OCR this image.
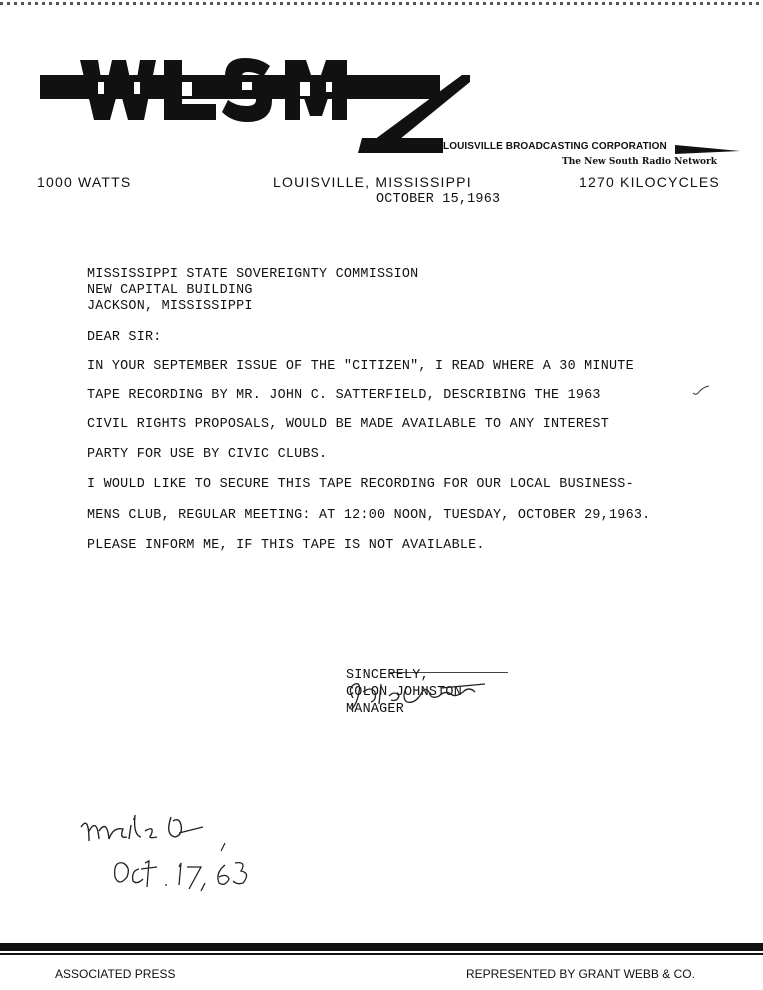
LOUISVILLE BROADCASTING CORPORATION
The New South Radio Network
1000 WATTS	LOUISVILLE, MISSISSIPPI	1270 KILOCYCLES
OCTOBER 15,1963
MISSISSIPPI STATE SOVEREIGNTY COMMISSION
NEW CAPITAL BUILDING
JACKSON, MISSISSIPPI
DEAR SIR:
IN YOUR SEPTEMBER ISSUE OF THE "CITIZEN", I READ WHERE A 30 MINUTE
TAPE RECORDING BY MR. JOHN C. SATTERFIELD, DESCRIBING THE 1963
CIVIL RIGHTS PROPOSALS, WOULD BE MADE AVAILABLE TO ANY INTEREST
PARTY FOR USE BY CIVIC CLUBS.
I WOULD LIKE TO SECURE THIS TAPE RECORDING FOR OUR LOCAL BUSINESS-
MENS CLUB, REGULAR MEETING: AT 12:00 NOON, TUESDAY, OCTOBER 29,1963.
PLEASE INFORM ME, IF THIS TAPE IS NOT AVAILABLE.
SINCERELY,
COLON JOHNSTON
MANAGER
ASSOCIATED PRESS	REPRESENTED BY GRANT WEBB & CO.
